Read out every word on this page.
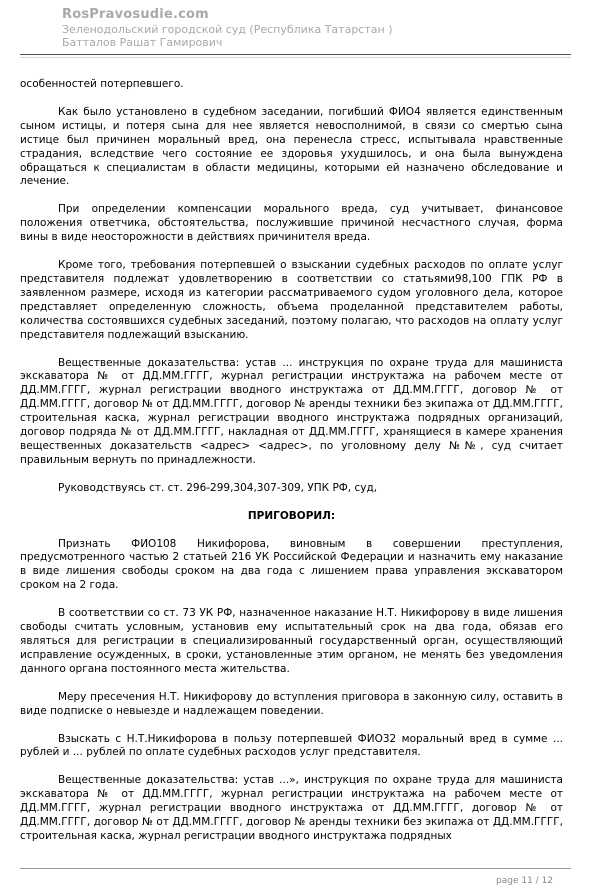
RosPravosudie.com
Зеленодольский городской суд (Республика Татарстан )
Батталов Рашат Гамирович

особенностей потерпевшего.

Как было установлено в судебном заседании, погибший ФИО4 является единственным сыном истицы, и потеря сына для нее является невосполнимой, в связи со смертью сына истице был причинен моральный вред, она перенесла стресс, испытывала нравственные страдания, вследствие чего состояние ее здоровья ухудшилось, и она была вынуждена обращаться к специалистам в области медицины, которыми ей назначено обследование и лечение.

При определении компенсации морального вреда, суд учитывает, финансовое положения ответчика, обстоятельства, послужившие причиной несчастного случая, форма вины в виде неосторожности в действиях причинителя вреда.

Кроме того, требования потерпевшей о взыскании судебных расходов по оплате услуг представителя подлежат удовлетворению в соответствии со статьями98,100 ГПК РФ в заявленном размере, исходя из категории рассматриваемого судом уголовного дела, которое представляет определенную сложность, объема проделанной представителем работы, количества состоявшихся судебных заседаний, поэтому полагаю, что расходов на оплату услуг представителя подлежащий взысканию.

Вещественные доказательства: устав ... инструкция по охране труда для машиниста экскаватора № от ДД.ММ.ГГГГ, журнал регистрации инструктажа на рабочем месте от ДД.ММ.ГГГГ, журнал регистрации вводного инструктажа от ДД.ММ.ГГГГ, договор № от ДД.ММ.ГГГГ, договор № от ДД.ММ.ГГГГ, договор № аренды техники без экипажа от ДД.ММ.ГГГГ, строительная каска, журнал регистрации вводного инструктажа подрядных организаций, договор подряда № от ДД.ММ.ГГГГ, накладная от ДД.ММ.ГГГГ, хранящиеся в камере хранения вещественных доказательств <адрес> <адрес>, по уголовному делу №№, суд считает правильным вернуть по принадлежности.

Руководствуясь ст. ст. 296-299,304,307-309, УПК РФ, суд,

ПРИГОВОРИЛ:

Признать ФИО108 Никифорова, виновным в совершении преступления, предусмотренного частью 2 статьей 216 УК Российской Федерации и назначить ему наказание в виде лишения свободы сроком на два года с лишением права управления экскаватором сроком на 2 года.

В соответствии со ст. 73 УК РФ, назначенное наказание Н.Т. Никифорову в виде лишения свободы считать условным, установив ему испытательный срок на два года, обязав его являться для регистрации в специализированный государственный орган, осуществляющий исправление осужденных, в сроки, установленные этим органом, не менять без уведомления данного органа постоянного места жительства.

Меру пресечения Н.Т. Никифорову до вступления приговора в законную силу, оставить в виде подписке о невыезде и надлежащем поведении.

Взыскать с Н.Т.Никифорова в пользу потерпевшей ФИО32 моральный вред в сумме ... рублей и ... рублей по оплате судебных расходов услуг представителя.

Вещественные доказательства: устав ...», инструкция по охране труда для машиниста экскаватора № от ДД.ММ.ГГГГ, журнал регистрации инструктажа на рабочем месте от ДД.ММ.ГГГГ, журнал регистрации вводного инструктажа от ДД.ММ.ГГГГ, договор № от ДД.ММ.ГГГГ, договор № от ДД.ММ.ГГГГ, договор № аренды техники без экипажа от ДД.ММ.ГГГГ, строительная каска, журнал регистрации вводного инструктажа подрядных

page 11 / 12
